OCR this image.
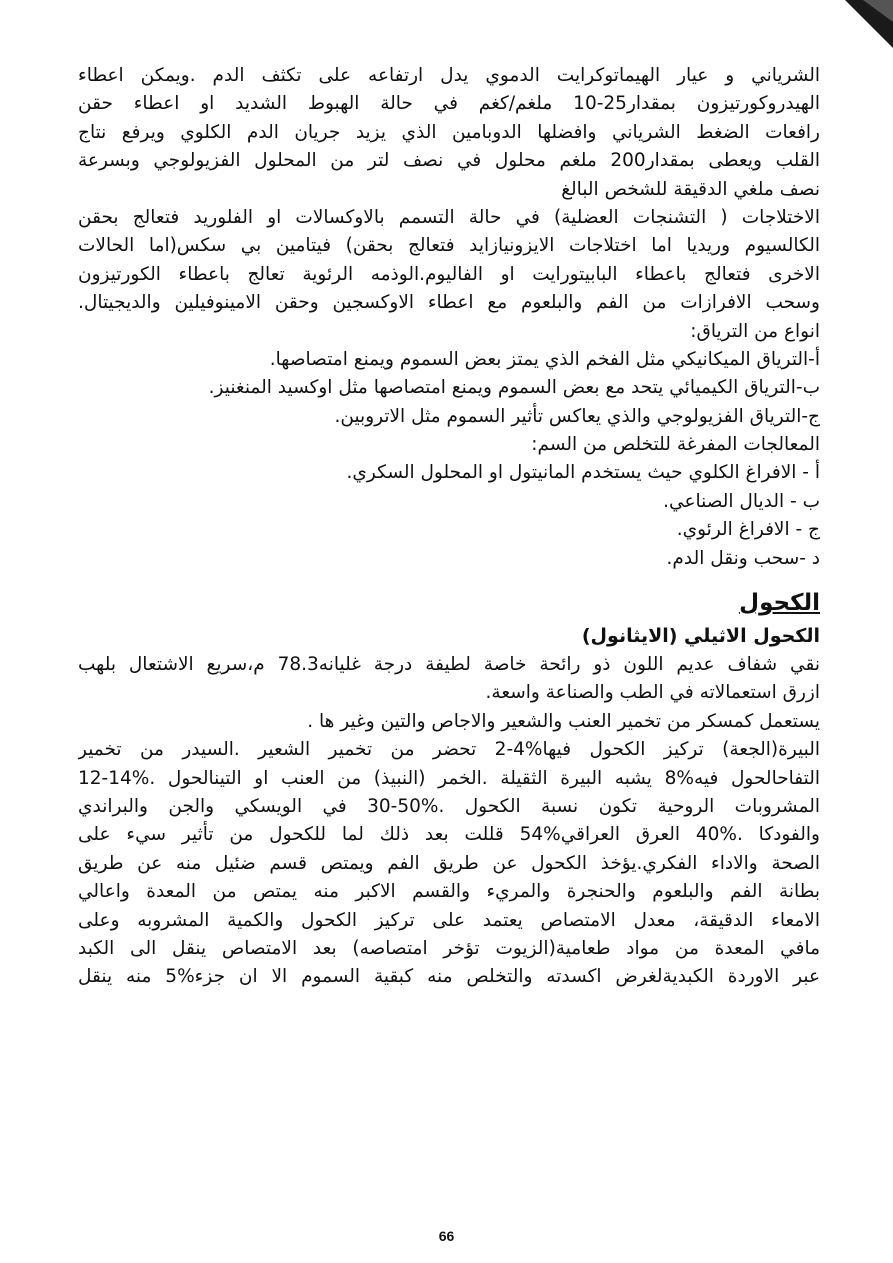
الشرياني و عيار الهيماتوكرايت الدموي يدل ارتفاعه على تكثف الدم .ويمكن اعطاء
الهيدروكورتيزون بمقدار25-10 ملغم/كغم في حالة الهبوط الشديد او اعطاء حقن
رافعات الضغط الشرياني وافضلها الدوبامين الذي يزيد جريان الدم الكلوي ويرفع نتاج
القلب ويعطى بمقدار200 ملغم محلول في نصف لتر من المحلول الفزيولوجي وبسرعة
نصف ملغي الدقيقة للشخص البالغ
الاختلاجات ( التشنجات العضلية) في حالة التسمم بالاوكسالات او الفلوريد فتعالج بحقن
الكالسيوم وريديا اما اختلاجات الايزونيازايد فتعالج بحقن) فيتامين بي سكس(اما الحالات
الاخرى فتعالج باعطاء البابيتورايت او الفاليوم.الوذمه الرئوية تعالج باعطاء الكورتيزون
وسحب الافرازات من الفم والبلعوم مع اعطاء الاوكسجين وحقن الامينوفيلين والديجيتال.
انواع من الترياق:
أ-الترياق الميكانيكي مثل الفخم الذي يمتز بعض السموم ويمنع امتصاصها.
ب-الترياق الكيميائي يتحد مع بعض السموم ويمنع امتصاصها مثل اوكسيد المنغنيز.
ج-الترياق الفزيولوجي والذي يعاكس تأثير السموم مثل الاتروبين.
المعالجات المفرغة للتخلص من السم:
أ - الافراغ الكلوي حيث يستخدم المانيتول او المحلول السكري.
ب - الديال الصناعي.
ج - الافراغ الرئوي.
د -سحب ونقل الدم.
الكحول
الكحول الاثيلي (الايثانول)
نقي شفاف عديم اللون ذو رائحة خاصة لطيفة درجة غليانه78.3 م،سريع الاشتعال بلهب
ازرق استعمالاته في الطب والصناعة واسعة.
يستعمل كمسكر من تخمير العنب والشعير والاجاص والتين وغير ها .
البيرة(الجعة) تركيز الكحول فيها%4-2 تحضر من تخمير الشعير .السيدر من تخمير
التفاحالحول فيه%8 يشبه البيرة الثقيلة .الخمر (النبيذ) من العنب او التينالحول .%14-12
المشروبات الروحية تكون نسبة الكحول .%50-30 في الويسكي والجن والبراندي
والفودكا .%40 العرق العراقي%54 قللت بعد ذلك لما للكحول من تأثير سيء على
الصحة والاداء الفكري.يؤخذ الكحول عن طريق الفم ويمتص قسم ضئيل منه عن طريق
بطانة الفم والبلعوم والحنجرة والمريء والقسم الاكبر منه يمتص من المعدة واعالي
الامعاء الدقيقة، معدل الامتصاص يعتمد على تركيز الكحول والكمية المشروبه وعلى
مافي المعدة من مواد طعامية(الزيوت تؤخر امتصاصه) بعد الامتصاص ينقل الى الكبد
عبر الاوردة الكبديةلغرض اكسدته والتخلص منه كبقية السموم الا ان جزء%5 منه ينقل
66
